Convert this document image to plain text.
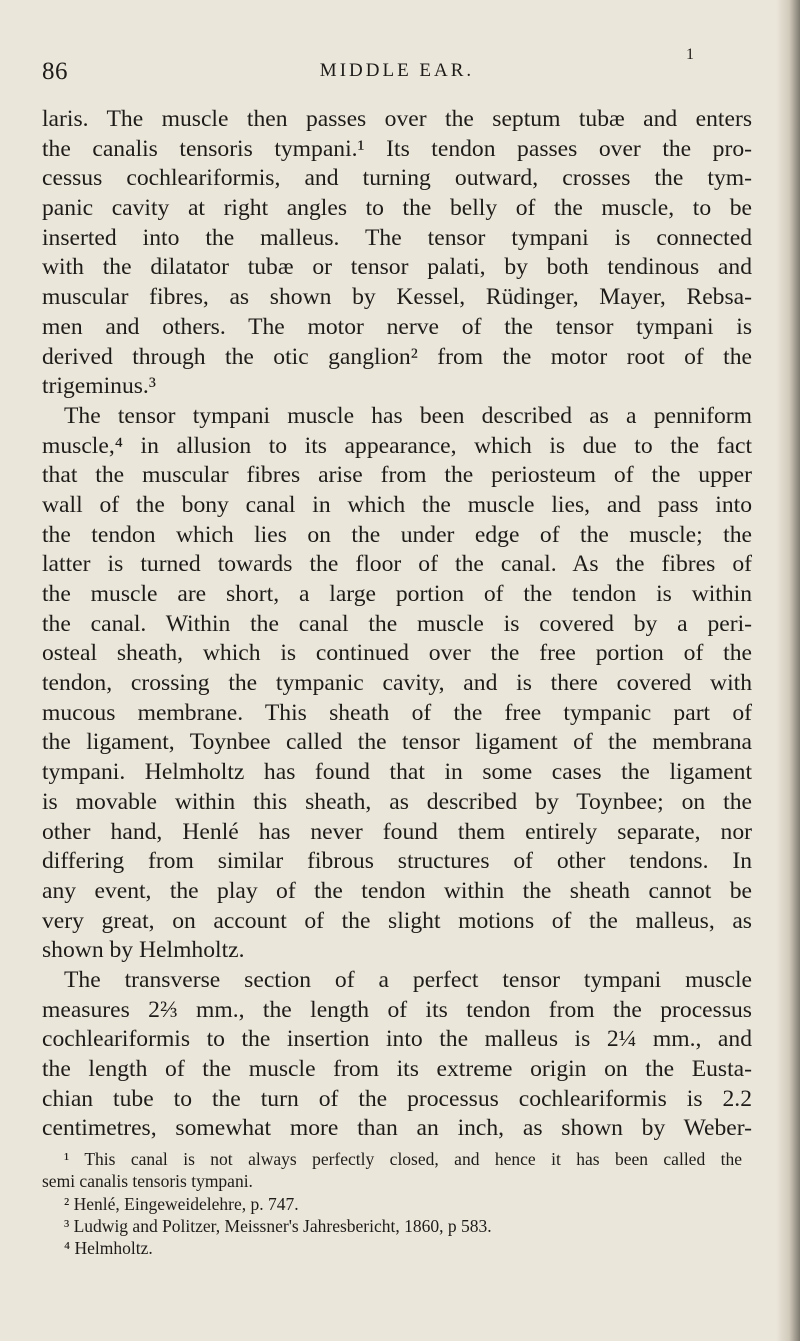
86	MIDDLE EAR.
1
laris. The muscle then passes over the septum tubæ and enters
the canalis tensoris tympani.¹ Its tendon passes over the pro-
cessus cochleariformis, and turning outward, crosses the tym-
panic cavity at right angles to the belly of the muscle, to be
inserted into the malleus. The tensor tympani is connected
with the dilatator tubæ or tensor palati, by both tendinous and
muscular fibres, as shown by Kessel, Rüdinger, Mayer, Rebsa-
men and others. The motor nerve of the tensor tympani is
derived through the otic ganglion² from the motor root of the
trigeminus.³
The tensor tympani muscle has been described as a penniform
muscle,⁴ in allusion to its appearance, which is due to the fact
that the muscular fibres arise from the periosteum of the upper
wall of the bony canal in which the muscle lies, and pass into
the tendon which lies on the under edge of the muscle; the
latter is turned towards the floor of the canal. As the fibres of
the muscle are short, a large portion of the tendon is within
the canal. Within the canal the muscle is covered by a peri-
osteal sheath, which is continued over the free portion of the
tendon, crossing the tympanic cavity, and is there covered with
mucous membrane. This sheath of the free tympanic part of
the ligament, Toynbee called the tensor ligament of the membrana
tympani. Helmholtz has found that in some cases the ligament
is movable within this sheath, as described by Toynbee; on the
other hand, Henlé has never found them entirely separate, nor
differing from similar fibrous structures of other tendons. In
any event, the play of the tendon within the sheath cannot be
very great, on account of the slight motions of the malleus, as
shown by Helmholtz.
The transverse section of a perfect tensor tympani muscle
measures 2⅔ mm., the length of its tendon from the processus
cochleariformis to the insertion into the malleus is 2¼ mm., and
the length of the muscle from its extreme origin on the Eusta-
chian tube to the turn of the processus cochleariformis is 2.2
centimetres, somewhat more than an inch, as shown by Weber-
¹ This canal is not always perfectly closed, and hence it has been called the
semi canalis tensoris tympani.
² Henlé, Eingeweidelehre, p. 747.
³ Ludwig and Politzer, Meissner's Jahresbericht, 1860, p 583.
⁴ Helmholtz.
